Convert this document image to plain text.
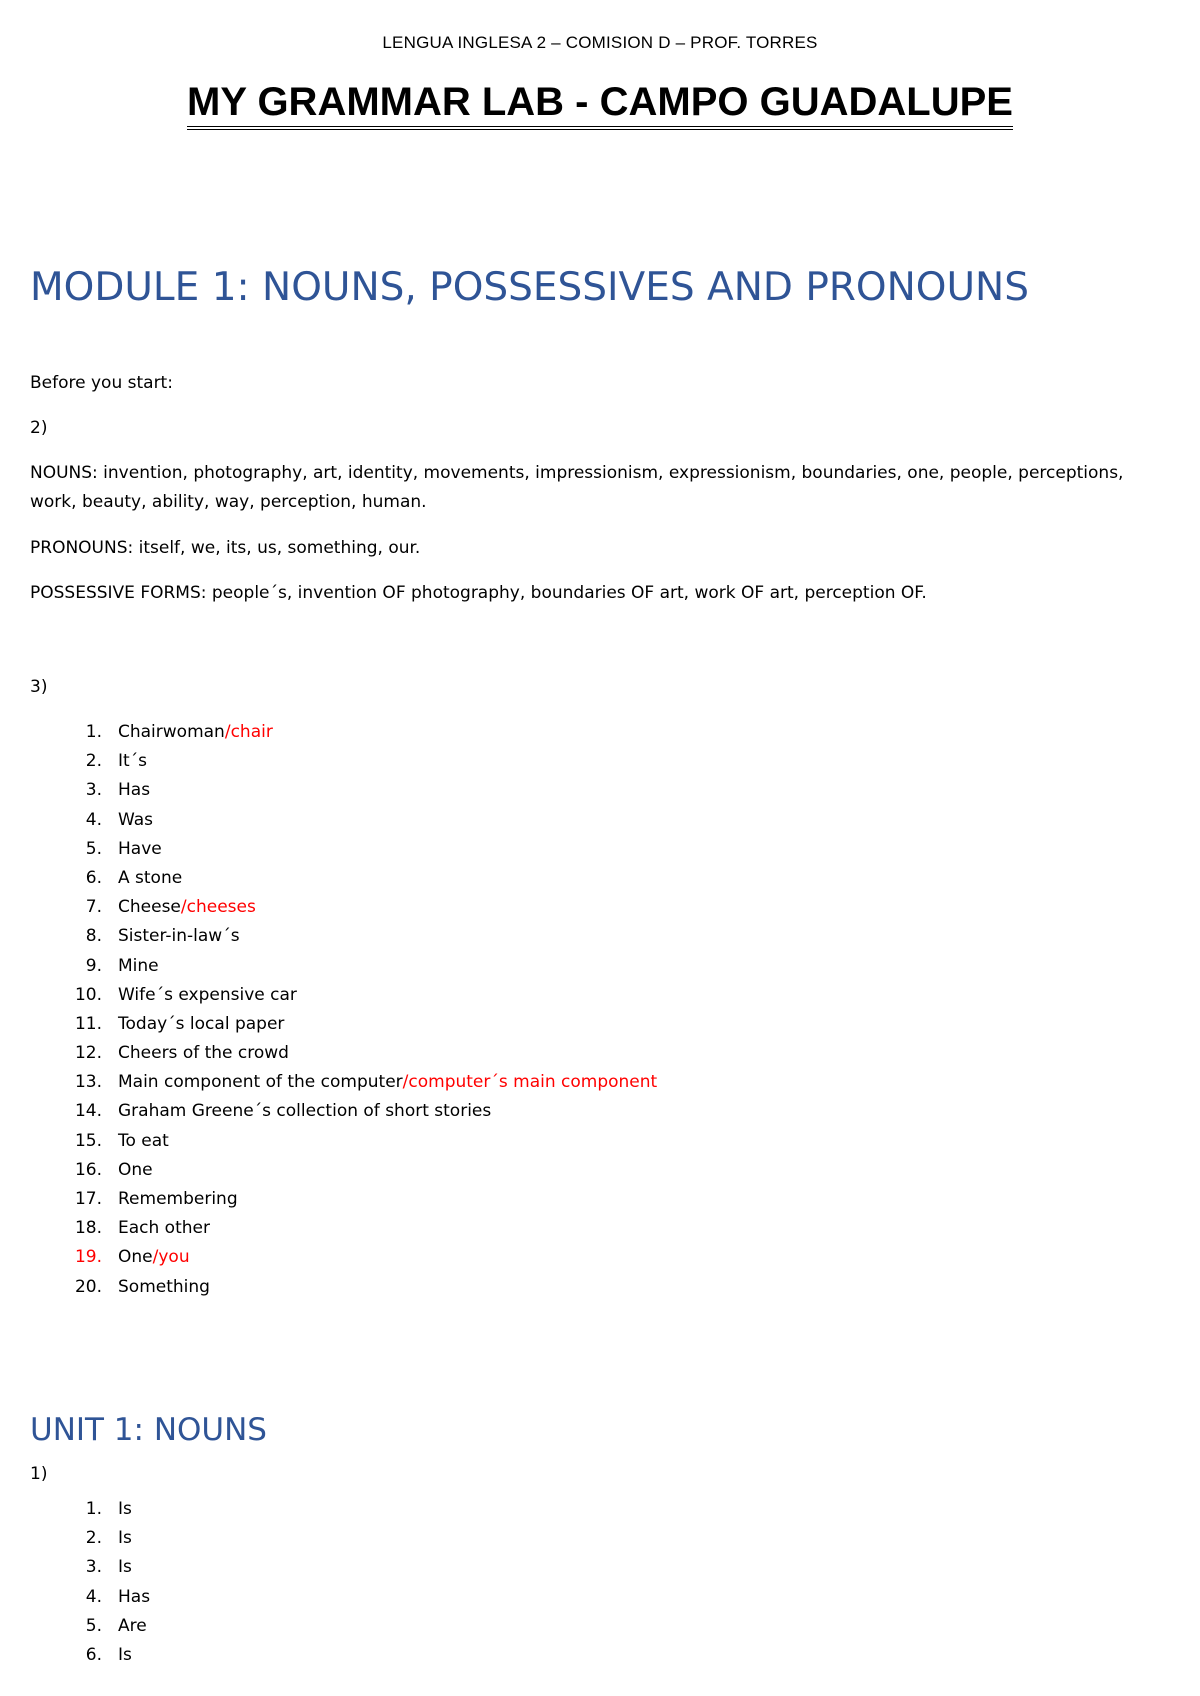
LENGUA INGLESA 2 – COMISION D – PROF. TORRES
MY GRAMMAR LAB - CAMPO GUADALUPE
MODULE 1: NOUNS, POSSESSIVES AND PRONOUNS

Before you start:

2)

NOUNS: invention, photography, art, identity, movements, impressionism, expressionism, boundaries, one, people, perceptions, work, beauty, ability, way, perception, human.

PRONOUNS: itself, we, its, us, something, our.

POSSESSIVE FORMS: people´s, invention OF photography, boundaries OF art, work OF art, perception OF.

3)

1. Chairwoman/chair
2. It´s
3. Has
4. Was
5. Have
6. A stone
7. Cheese/cheeses
8. Sister-in-law´s
9. Mine
10. Wife´s expensive car
11. Today´s local paper
12. Cheers of the crowd
13. Main component of the computer/computer´s main component
14. Graham Greene´s collection of short stories
15. To eat
16. One
17. Remembering
18. Each other
19. One/you
20. Something
UNIT 1: NOUNS

1)

1. Is
2. Is
3. Is
4. Has
5. Are
6. Is
